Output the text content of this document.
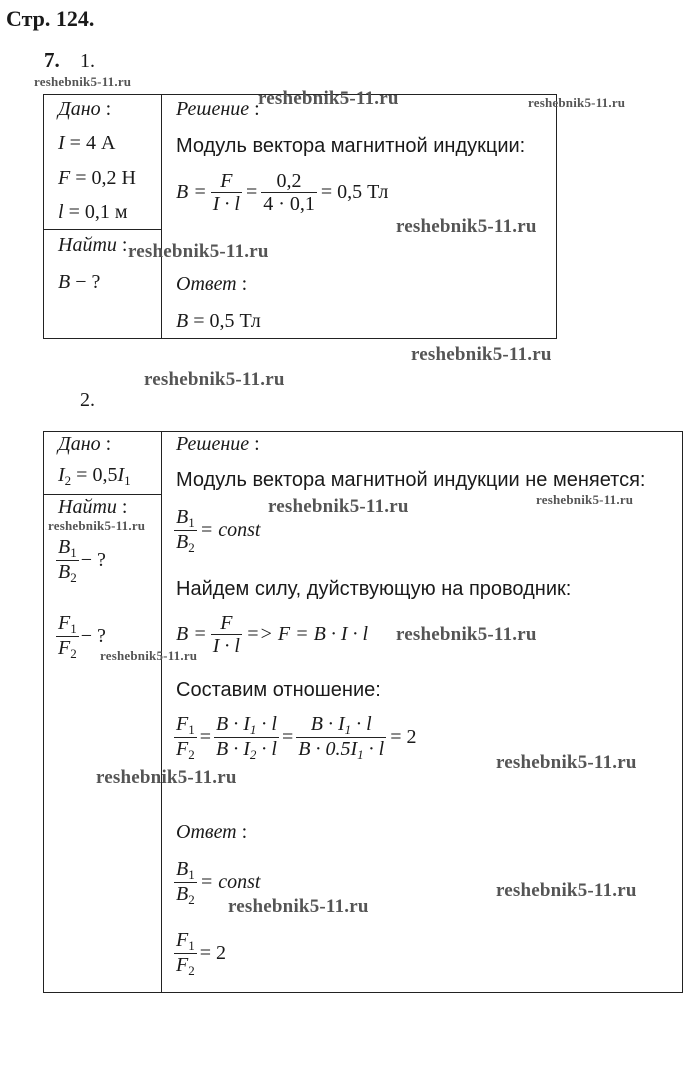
Стр. 124.
7. 1.
Дано :
I = 4 А
F = 0,2 Н
l = 0,1 м
Найти :
B − ?
Решение :
Модуль вектора магнитной индукции:
$B = \frac{F}{I \cdot l} = \frac{0,2}{4 \cdot 0,1} = 0,5$ Тл
Ответ :
B = 0,5 Тл
2.
Дано :
$I_2 = 0,5I_1$
Найти :
$\frac{B_1}{B_2}$ − ?
$\frac{F_1}{F_2}$ − ?
Решение :
Модуль вектора магнитной индукции не меняется:
$\frac{B_1}{B_2}$ = const
Найдем силу, дуйствующую на проводник:
$B = \frac{F}{I \cdot l} => F = B \cdot I \cdot l$
Составим отношение:
$\frac{F_1}{F_2} = \frac{B \cdot I_1 \cdot l}{B \cdot I_2 \cdot l} = \frac{B \cdot I_1 \cdot l}{B \cdot 0.5I_1 \cdot l} = 2$
Ответ :
$\frac{B_1}{B_2}$ = const
$\frac{F_1}{F_2} = 2$
reshebnik5-11.ru
reshebnik5-11.ru	reshebnik5-11.ru
reshebnik5-11.ru
reshebnik5-11.ru
reshebnik5-11.ru
reshebnik5-11.ru
reshebnik5-11.ru
reshebnik5-11.ru
reshebnik5-11.ru
reshebnik5-11.ru
reshebnik5-11.ru
reshebnik5-11.ru
reshebnik5-11.ru
reshebnik5-11.ru
reshebnik5-11.ru
